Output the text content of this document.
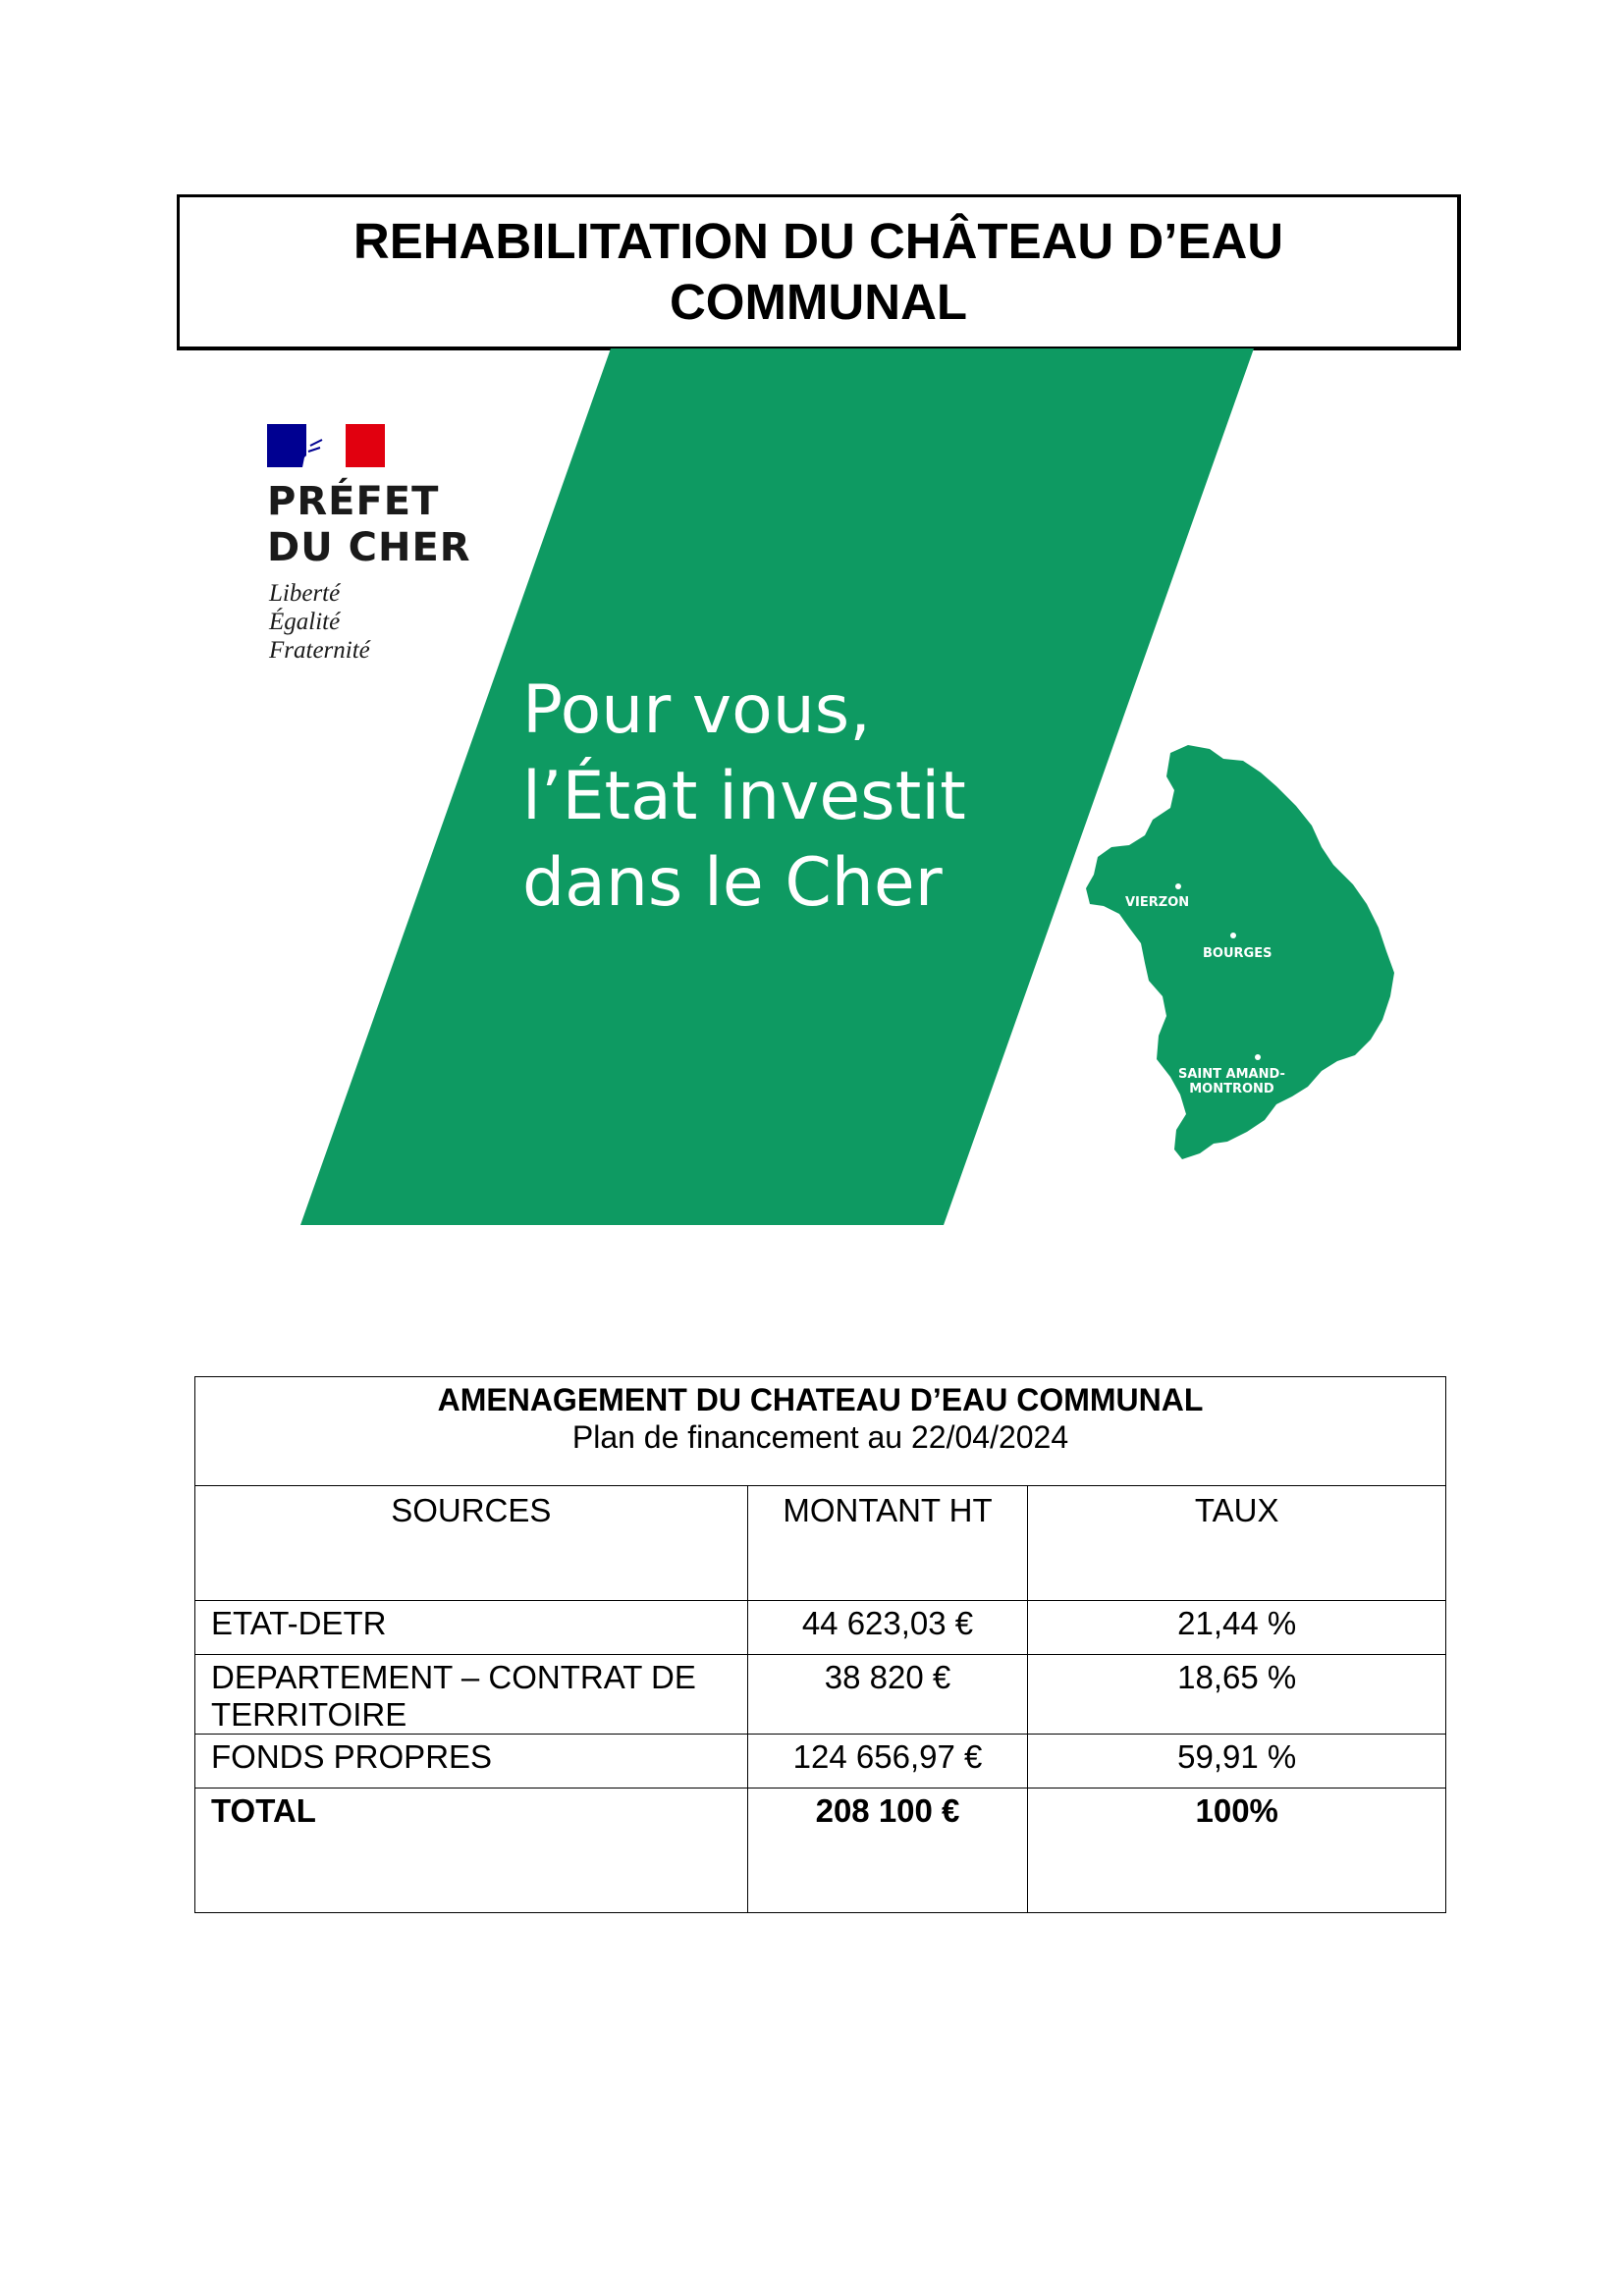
REHABILITATION DU CHÂTEAU D’EAU
COMMUNAL
PRÉFET
DU CHER
Liberté
Égalité
Fraternité
Pour vous,
l’État investit
dans le Cher	VIERZON
BOURGES
SAINT AMAND-
MONTROND
AMENAGEMENT DU CHATEAU D’EAU COMMUNAL
Plan de financement au 22/04/2024		

SOURCES	MONTANT HT	TAUX
ETAT-DETR	44 623,03 €	21,44 %
DEPARTEMENT – CONTRAT DE TERRITOIRE	38 820 €	18,65 %
FONDS PROPRES	124 656,97 €	59,91 %
TOTAL	208 100 €	100%
